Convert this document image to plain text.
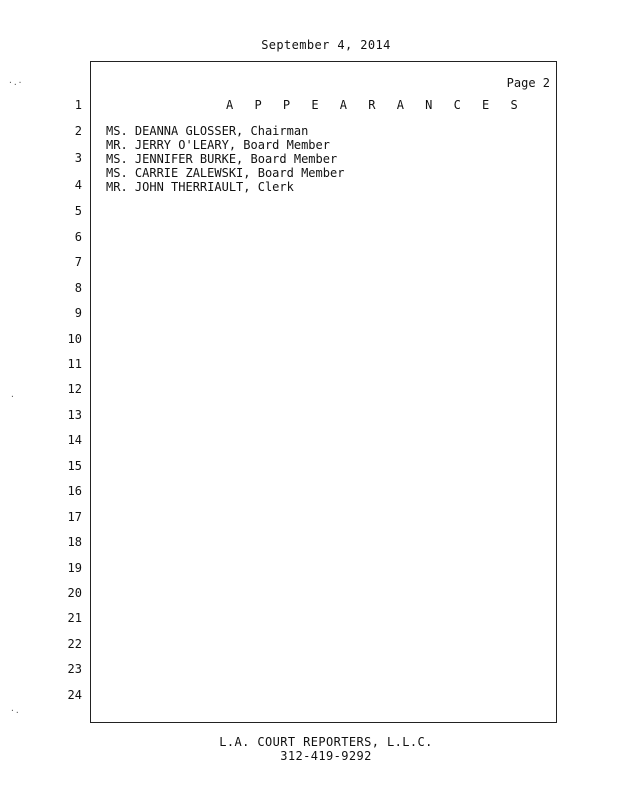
September 4, 2014
Page 2
A P P E A R A N C E S
1
2
3
4
5
6
7
8
9
10
11
12
13
14
15
16
17
18
19
20
21
22
23
24
MS. DEANNA GLOSSER, Chairman
MR. JERRY O'LEARY, Board Member
MS. JENNIFER BURKE, Board Member
MS. CARRIE ZALEWSKI, Board Member
MR. JOHN THERRIAULT, Clerk
L.A. COURT REPORTERS, L.L.C.
312-419-9292
·.·
·
·.
